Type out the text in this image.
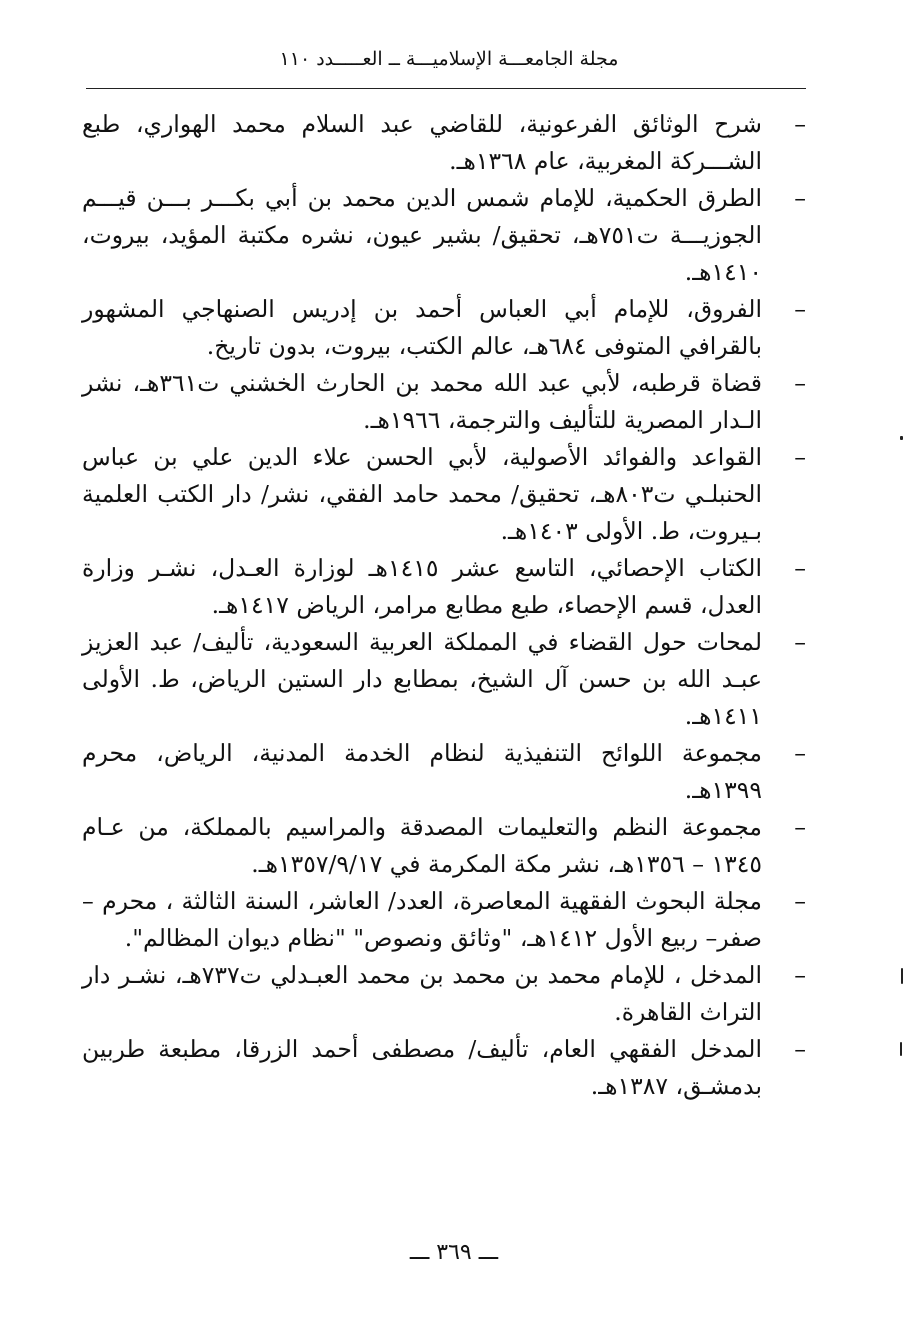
مجلة الجامعـــة الإسلاميـــة ــ العـــــدد ١١٠
–
شرح الوثائق الفرعونية، للقاضي عبد السلام محمد الهواري، طبع الشـــركة المغربية، عام ١٣٦٨هـ.
–
الطرق الحكمية، للإمام شمس الدين محمد بن أبي بكـــر بـــن قيـــم الجوزيـــة ت٧٥١هـ، تحقيق/ بشير عيون، نشره مكتبة المؤيد، بيروت، ١٤١٠هـ.
–
الفروق، للإمام أبي العباس أحمد بن إدريس الصنهاجي المشهور بالقرافي المتوفى ٦٨٤هـ، عالم الكتب، بيروت، بدون تاريخ.
–
قضاة قرطبه، لأبي عبد الله محمد بن الحارث الخشني ت٣٦١هـ، نشر الـدار المصرية للتأليف والترجمة، ١٩٦٦هـ.
–
القواعد والفوائد الأصولية، لأبي الحسن علاء الدين علي بن عباس الحنبلـي ت٨٠٣هـ، تحقيق/ محمد حامد الفقي، نشر/ دار الكتب العلمية بـيروت، ط. الأولى ١٤٠٣هـ.
–
الكتاب الإحصائي، التاسع عشر ١٤١٥هـ لوزارة العـدل، نشـر وزارة العدل، قسم الإحصاء، طبع مطابع مرامر، الرياض ١٤١٧هـ.
–
لمحات حول القضاء في المملكة العربية السعودية، تأليف/ عبد العزيز عبـد الله بن حسن آل الشيخ، بمطابع دار الستين الرياض، ط. الأولى ١٤١١هـ.
–
مجموعة اللوائح التنفيذية لنظام الخدمة المدنية، الرياض، محرم ١٣٩٩هـ.
–
مجموعة النظم والتعليمات المصدقة والمراسيم بالمملكة، من عـام ١٣٤٥ – ١٣٥٦هـ، نشر مكة المكرمة في ١٣٥٧/٩/١٧هـ.
–
مجلة البحوث الفقهية المعاصرة، العدد/ العاشر، السنة الثالثة ، محرم – صفر– ربيع الأول ١٤١٢هـ، "وثائق ونصوص" "نظام ديوان المظالم".
–
المدخل ، للإمام محمد بن محمد بن محمد العبـدلي ت٧٣٧هـ، نشـر دار التراث القاهرة.
–
المدخل الفقهي العام، تأليف/ مصطفى أحمد الزرقا، مطبعة طربين بدمشـق، ١٣٨٧هـ.
ـــ ٣٦٩ ـــ
